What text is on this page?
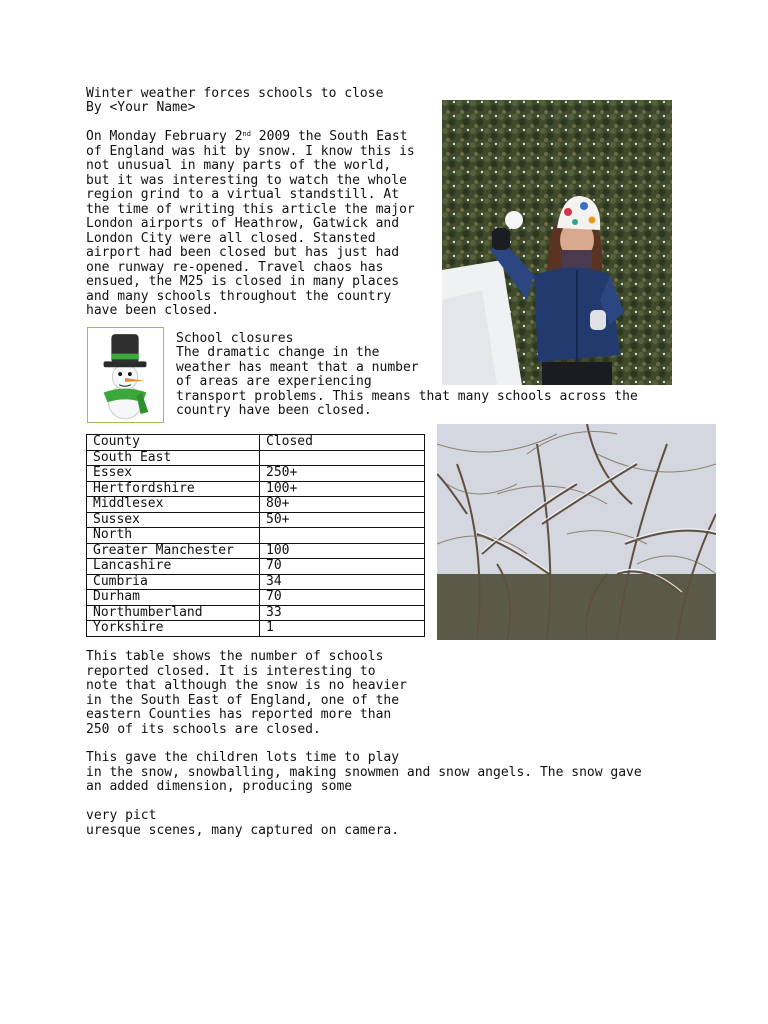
Winter weather forces schools to close
By <Your Name>
On Monday February 2nd 2009 the South East
of England was hit by snow. I know this is
not unusual in many parts of the world,
but it was interesting to watch the whole
region grind to a virtual standstill. At
the time of writing this article the major
London airports of Heathrow, Gatwick and
London City were all closed. Stansted
airport had been closed but has just had
one runway re-opened. Travel chaos has
ensued, the M25 is closed in many places
and many schools throughout the country
have been closed.
School closures
The dramatic change in the
weather has meant that a number
of areas are experiencing
transport problems. This means that many schools across the
country have been closed.
County	Closed
South East	
Essex	250+
Hertfordshire	100+
Middlesex	80+
Sussex	50+
North	
Greater Manchester	100
Lancashire	70
Cumbria	34
Durham	70
Northumberland	33
Yorkshire	1
This table shows the number of schools
reported closed. It is interesting to
note that although the snow is no heavier
in the South East of England, one of the
eastern Counties has reported more than
250 of its schools are closed.
This gave the children lots time to play
in the snow, snowballing, making snowmen and snow angels. The snow gave
an added dimension, producing some
very pict
uresque scenes, many captured on camera.
